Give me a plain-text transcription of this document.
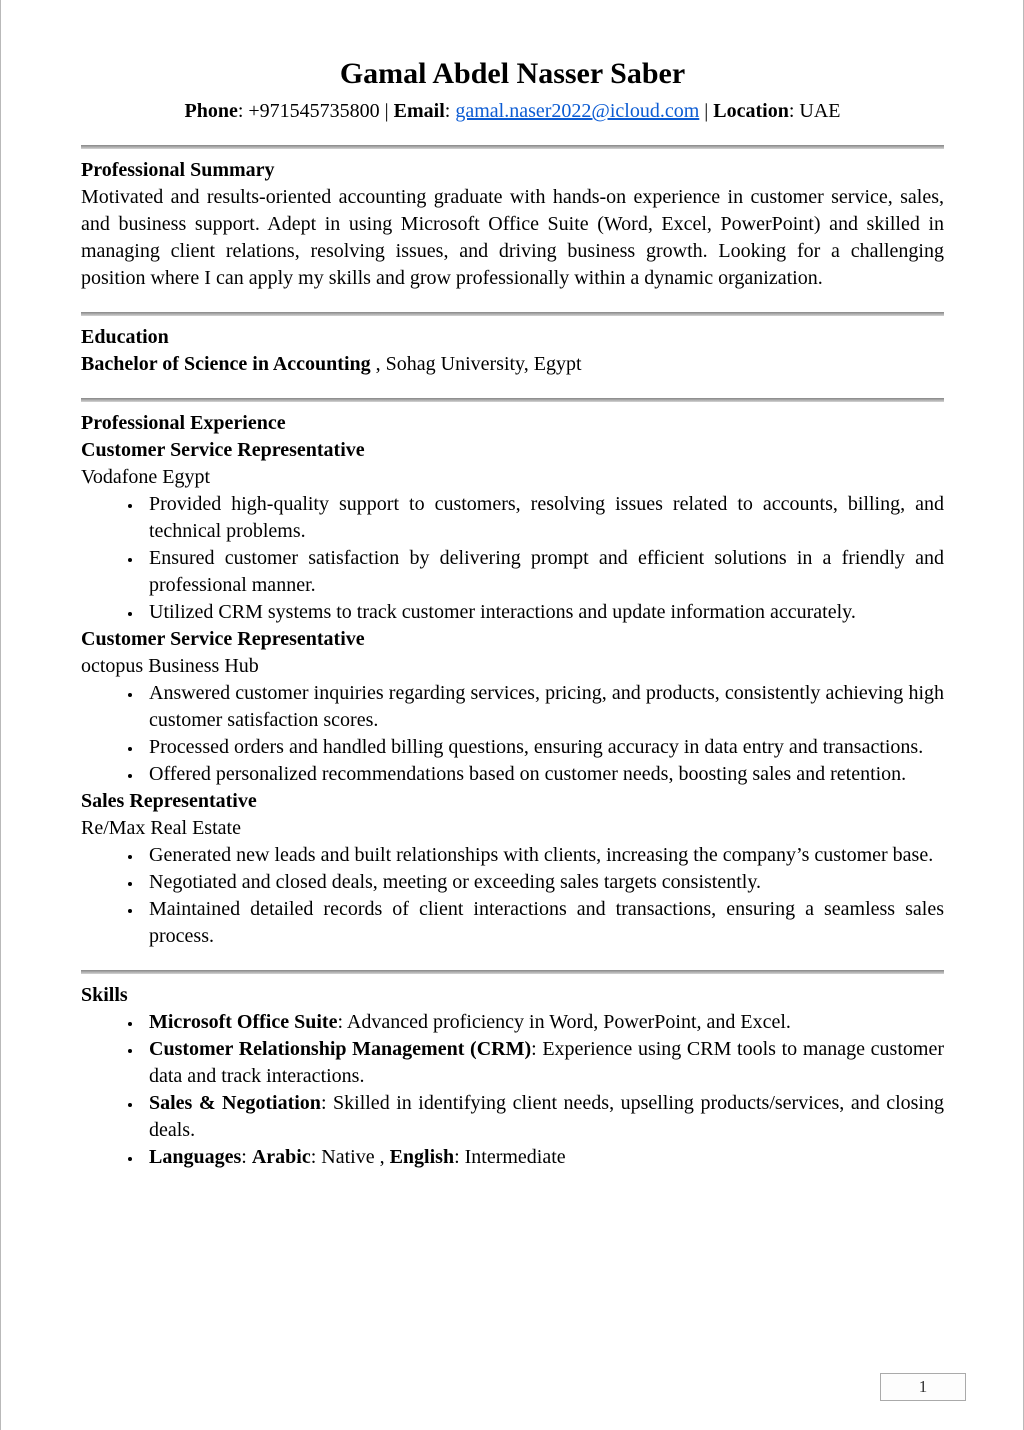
Gamal Abdel Nasser Saber

Phone: +971545735800 | Email: gamal.naser2022@icloud.com | Location: UAE

Professional Summary

Motivated and results-oriented accounting graduate with hands-on experience in customer service, sales, and business support. Adept in using Microsoft Office Suite (Word, Excel, PowerPoint) and skilled in managing client relations, resolving issues, and driving business growth. Looking for a challenging position where I can apply my skills and grow professionally within a dynamic organization.

Education

Bachelor of Science in Accounting , Sohag University, Egypt

Professional Experience
Customer Service Representative

Vodafone Egypt

• Provided high-quality support to customers, resolving issues related to accounts, billing, and technical problems.
• Ensured customer satisfaction by delivering prompt and efficient solutions in a friendly and professional manner.
• Utilized CRM systems to track customer interactions and update information accurately.
Customer Service Representative

octopus Business Hub

• Answered customer inquiries regarding services, pricing, and products, consistently achieving high customer satisfaction scores.
• Processed orders and handled billing questions, ensuring accuracy in data entry and transactions.
• Offered personalized recommendations based on customer needs, boosting sales and retention.
Sales Representative

Re/Max Real Estate

• Generated new leads and built relationships with clients, increasing the company’s customer base.
• Negotiated and closed deals, meeting or exceeding sales targets consistently.
• Maintained detailed records of client interactions and transactions, ensuring a seamless sales process.
Skills
• Microsoft Office Suite: Advanced proficiency in Word, PowerPoint, and Excel.
• Customer Relationship Management (CRM): Experience using CRM tools to manage customer data and track interactions.
• Sales & Negotiation: Skilled in identifying client needs, upselling products/services, and closing deals.
• Languages: Arabic: Native , English: Intermediate
1
